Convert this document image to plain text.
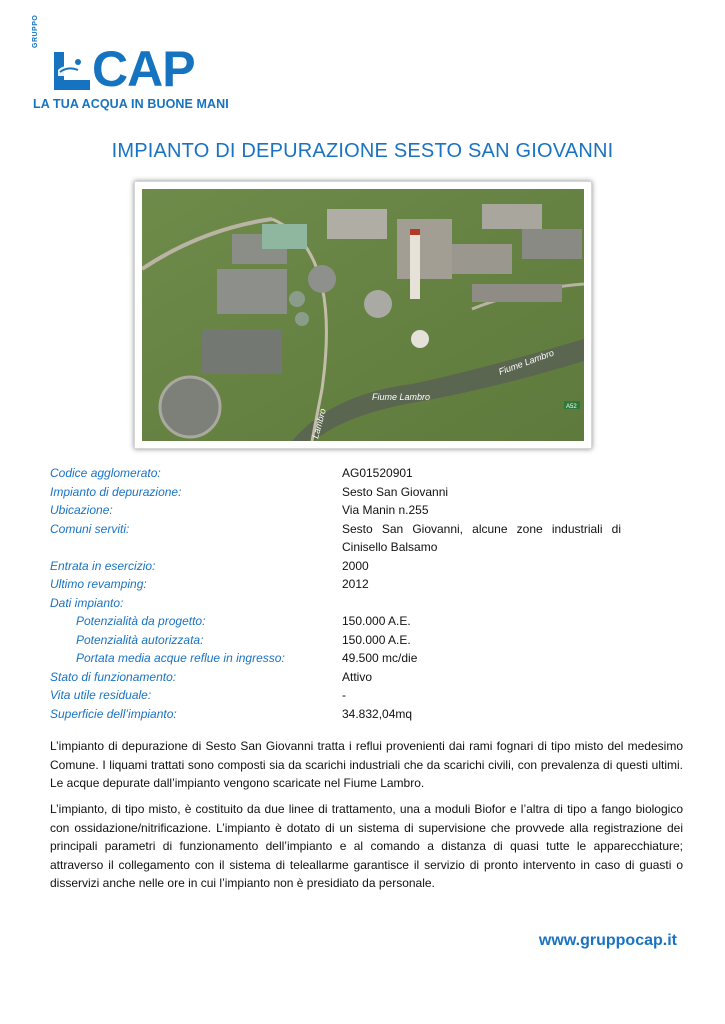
GRUPPO
CAP
LA TUA ACQUA IN BUONE MANI
IMPIANTO DI DEPURAZIONE SESTO SAN GIOVANNI
Fiume Lambro
Fiume Lambro
Lambro
A52
Codice agglomerato:	AG01520901
Impianto di depurazione:	Sesto San Giovanni
Ubicazione:	Via Manin n.255
Comuni serviti:	Sesto San Giovanni, alcune zone industriali di Cinisello Balsamo
Entrata in esercizio:	2000
Ultimo revamping:	2012
Dati impianto:
Potenzialità da progetto:	150.000 A.E.
Potenzialità autorizzata:	150.000 A.E.
Portata media acque reflue in ingresso:	49.500 mc/die
Stato di funzionamento:	Attivo
Vita utile residuale:	-
Superficie dell’impianto:	34.832,04mq

L’impianto di depurazione di Sesto San Giovanni tratta i reflui provenienti dai rami fognari di tipo misto del medesimo Comune. I liquami trattati sono composti sia da scarichi industriali che da scarichi civili, con prevalenza di questi ultimi. Le acque depurate dall’impianto vengono scaricate nel Fiume Lambro.

L’impianto, di tipo misto, è costituito da due linee di trattamento, una a moduli Biofor e l’altra di tipo a fango biologico con ossidazione/nitrificazione. L’impianto è dotato di un sistema di supervisione che provvede alla registrazione dei principali parametri di funzionamento dell’impianto e al comando a distanza di quasi tutte le apparecchiature; attraverso il collegamento con il sistema di teleallarme garantisce il servizio di pronto intervento in caso di guasti o disservizi anche nelle ore in cui l’impianto non è presidiato da personale.

www.gruppocap.it
